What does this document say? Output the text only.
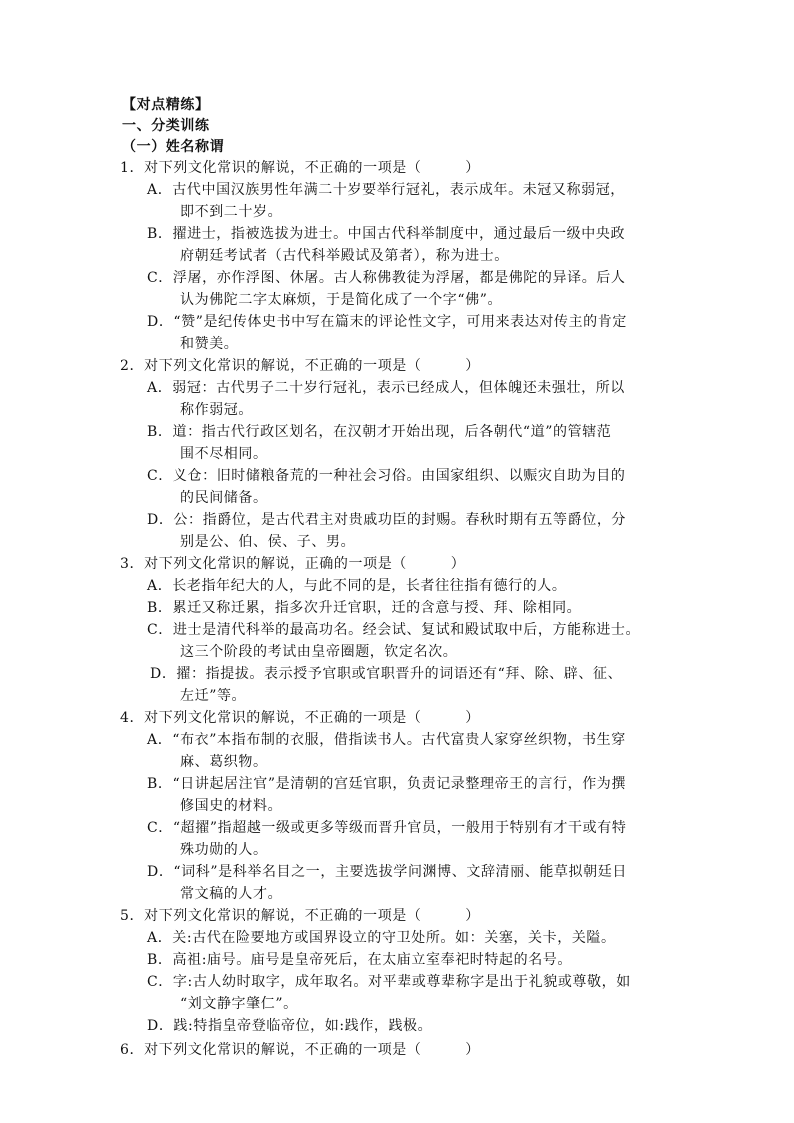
【对点精练】
一、分类训练
（一）姓名称谓
1．对下列文化常识的解说，不正确的一项是（　　　）
A．古代中国汉族男性年满二十岁要举行冠礼，表示成年。未冠又称弱冠，
即不到二十岁。
B．擢进士，指被选拔为进士。中国古代科举制度中，通过最后一级中央政
府朝廷考试者（古代科举殿试及第者），称为进士。
C．浮屠，亦作浮图、休屠。古人称佛教徒为浮屠，都是佛陀的异译。后人
认为佛陀二字太麻烦，于是简化成了一个字“佛”。
D．“赞”是纪传体史书中写在篇末的评论性文字，可用来表达对传主的肯定
和赞美。
2．对下列文化常识的解说，不正确的一项是（　　　）
A．弱冠：古代男子二十岁行冠礼，表示已经成人，但体魄还未强壮，所以
称作弱冠。
B．道：指古代行政区划名，在汉朝才开始出现，后各朝代“道”的管辖范
围不尽相同。
C．义仓：旧时储粮备荒的一种社会习俗。由国家组织、以赈灾自助为目的
的民间储备。
D．公：指爵位，是古代君主对贵戚功臣的封赐。春秋时期有五等爵位，分
别是公、伯、侯、子、男。
3．对下列文化常识的解说，正确的一项是（　　　）
A．长老指年纪大的人，与此不同的是，长者往往指有德行的人。
B．累迁又称迁累，指多次升迁官职，迁的含意与授、拜、除相同。
C．进士是清代科举的最高功名。经会试、复试和殿试取中后，方能称进士。
这三个阶段的考试由皇帝圈题，钦定名次。
D．擢：指提拔。表示授予官职或官职晋升的词语还有“拜、除、辟、征、
左迁”等。
4．对下列文化常识的解说，不正确的一项是（　　　）
A．“布衣”本指布制的衣服，借指读书人。古代富贵人家穿丝织物，书生穿
麻、葛织物。
B．“日讲起居注官”是清朝的宫廷官职，负责记录整理帝王的言行，作为撰
修国史的材料。
C．“超擢”指超越一级或更多等级而晋升官员，一般用于特别有才干或有特
殊功勋的人。
D．“词科”是科举名目之一，主要选拔学问渊博、文辞清丽、能草拟朝廷日
常文稿的人才。
5．对下列文化常识的解说，不正确的一项是（　　　）
A．关:古代在险要地方或国界设立的守卫处所。如：关塞，关卡，关隘。
B．高祖:庙号。庙号是皇帝死后，在太庙立室奉祀时特起的名号。
C．字:古人幼时取字，成年取名。对平辈或尊辈称字是出于礼貌或尊敬，如
“刘文静字肇仁”。
D．践:特指皇帝登临帝位，如:践作，践极。
6．对下列文化常识的解说，不正确的一项是（　　　）
